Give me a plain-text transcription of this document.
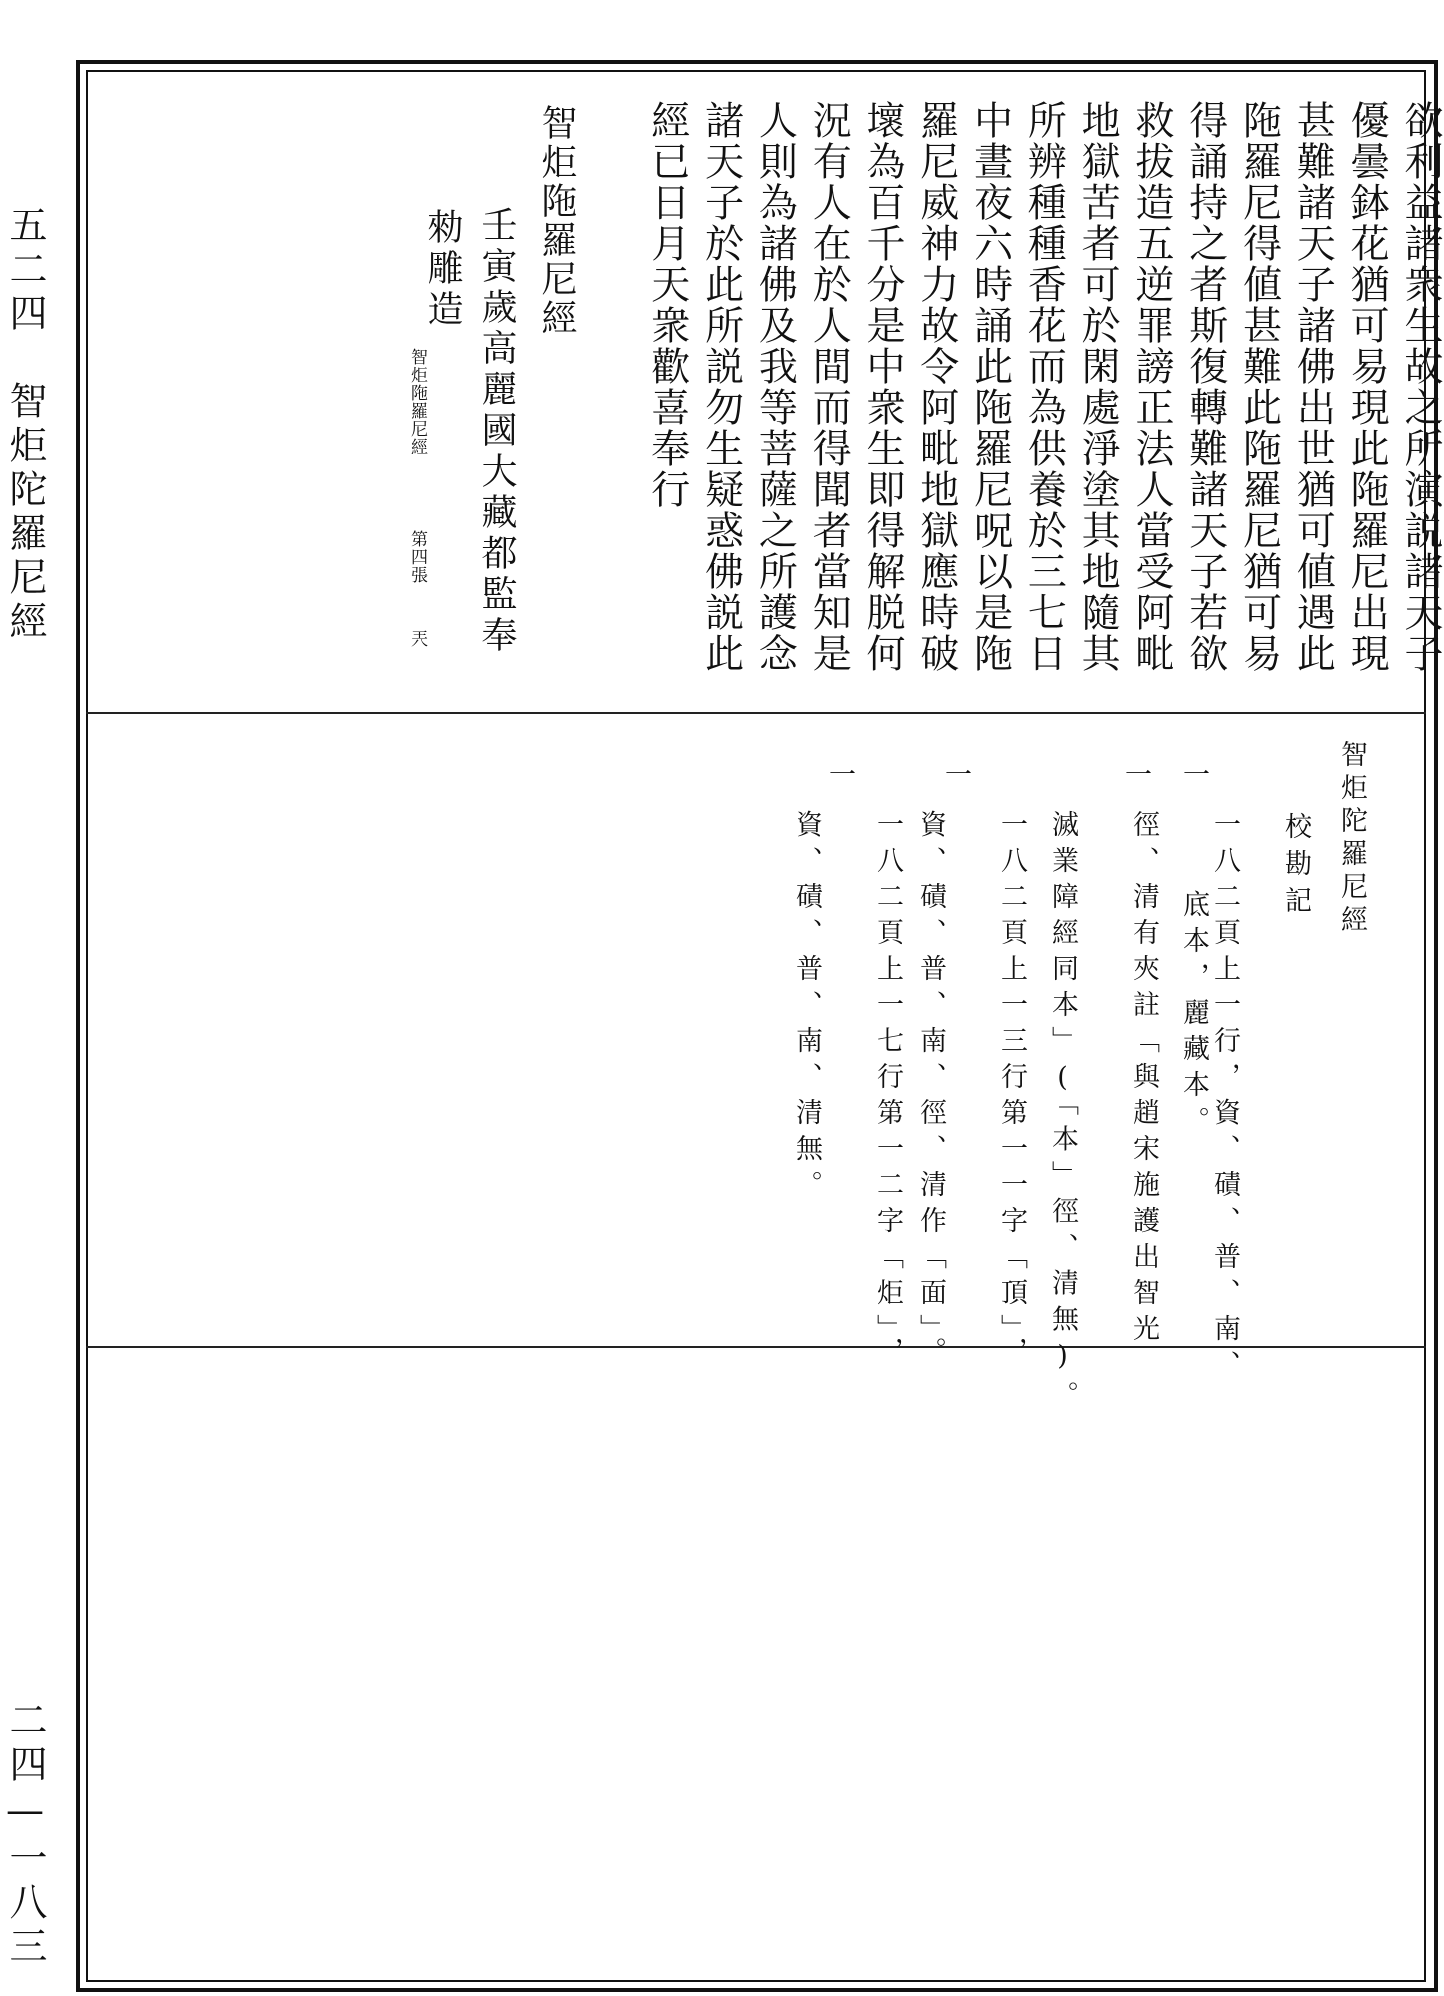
五二四　智炬陀羅尼經
二四—一八三
欲利益諸衆生故之所演説諸天子
優曇鉢花猶可易現此陁羅尼出現
甚難諸天子諸佛出世猶可値遇此
陁羅尼得値甚難此陁羅尼猶可易
得誦持之者斯復轉難諸天子若欲
救拔造五逆罪謗正法人當受阿毗
地獄苦者可於閑處淨塗其地隨其
所辨種種香花而為供養於三七日
中晝夜六時誦此陁羅尼呪以是陁
羅尼威神力故令阿毗地獄應時破
壞為百千分是中衆生即得解脱何
況有人在於人間而得聞者當知是
人則為諸佛及我等菩薩之所護念
諸天子於此所説勿生疑惑佛説此
經已日月天衆歡喜奉行
智炬陁羅尼經
壬寅歲高麗國大藏都監奉
勑雕造
智炬陁羅尼經
第四張
兲
智炬陀羅尼經
校勘記
一

底本，麗藏本。

一

一八二頁上一行，資、磧、普、南、

徑、清有夾註「與趙宋施護出智光

滅業障經同本」(「本」徑、清無)。

一

一八二頁上一三行第一一字「頂」，

資、磧、普、南、徑、清作「面」。

一

一八二頁上一七行第一二字「炬」，

資、磧、普、南、清無。
